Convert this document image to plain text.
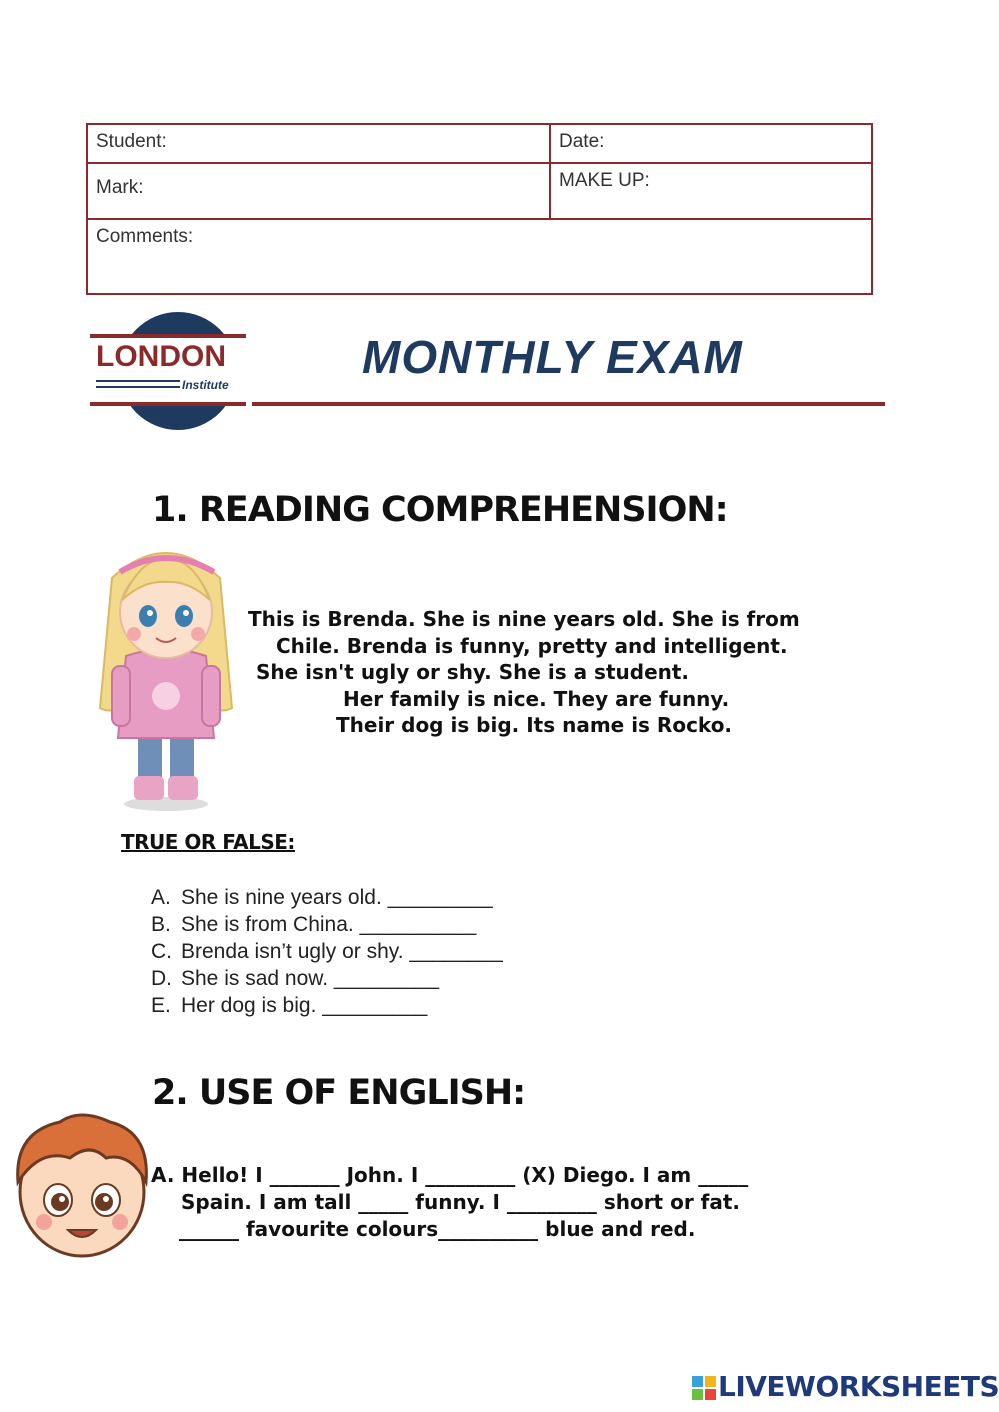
Student:	Date:
Mark:	MAKE UP:
Comments:
LONDON
Institute
MONTHLY EXAM
1. READING COMPREHENSION:
This is Brenda. She is nine years old. She is from
Chile. Brenda is funny, pretty and intelligent.
She isn't ugly or shy. She is a student.
Her family is nice. They are funny.
Their dog is big. Its name is Rocko.
TRUE OR FALSE:
A. She is nine years old. _________
B. She is from China. __________
C. Brenda isn’t ugly or shy. ________
D. She is sad now. _________
E. Her dog is big. _________
2. USE OF ENGLISH:
A. Hello! I _______ John. I _________ (X) Diego. I am _____
Spain. I am tall _____ funny. I _________ short or fat.
______ favourite colours__________ blue and red.
LIVEWORKSHEETS
